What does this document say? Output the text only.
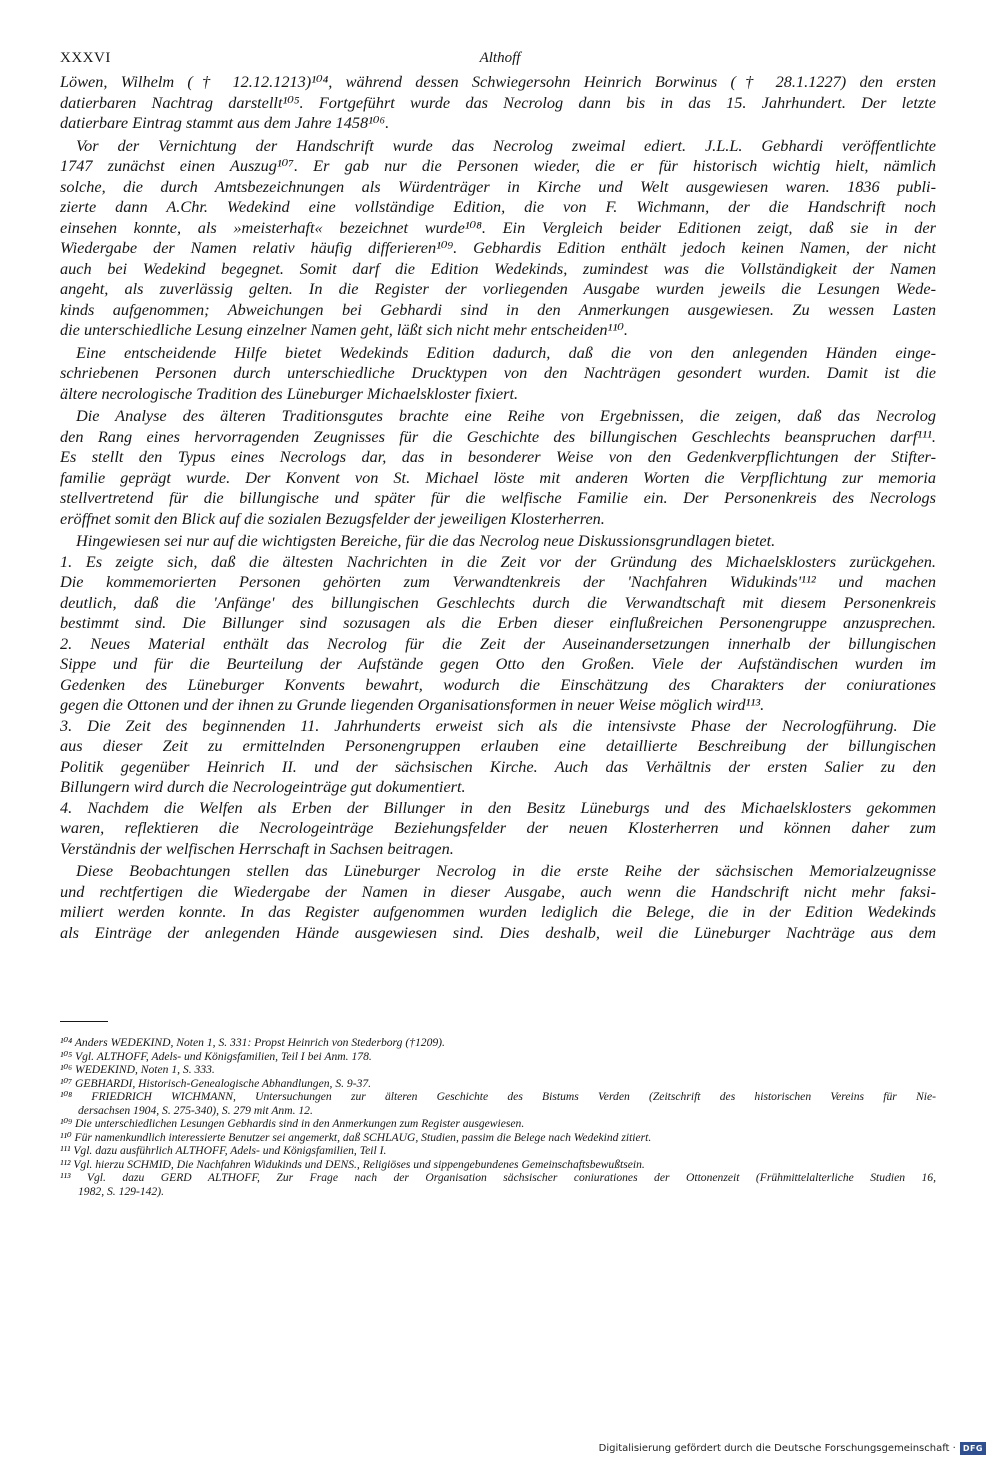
XXXVI	Althoff
Löwen, Wilhelm († 12.12.1213)¹⁰⁴, während dessen Schwiegersohn Heinrich Borwinus († 28.1.1227) den ersten
datierbaren Nachtrag darstellt¹⁰⁵. Fortgeführt wurde das Necrolog dann bis in das 15. Jahrhundert. Der letzte
datierbare Eintrag stammt aus dem Jahre 1458¹⁰⁶.
Vor der Vernichtung der Handschrift wurde das Necrolog zweimal ediert. J.L.L. Gebhardi veröffentlichte
1747 zunächst einen Auszug¹⁰⁷. Er gab nur die Personen wieder, die er für historisch wichtig hielt, nämlich
solche, die durch Amtsbezeichnungen als Würdenträger in Kirche und Welt ausgewiesen waren. 1836 publi-
zierte dann A.Chr. Wedekind eine vollständige Edition, die von F. Wichmann, der die Handschrift noch
einsehen konnte, als »meisterhaft« bezeichnet wurde¹⁰⁸. Ein Vergleich beider Editionen zeigt, daß sie in der
Wiedergabe der Namen relativ häufig differieren¹⁰⁹. Gebhardis Edition enthält jedoch keinen Namen, der nicht
auch bei Wedekind begegnet. Somit darf die Edition Wedekinds, zumindest was die Vollständigkeit der Namen
angeht, als zuverlässig gelten. In die Register der vorliegenden Ausgabe wurden jeweils die Lesungen Wede-
kinds aufgenommen; Abweichungen bei Gebhardi sind in den Anmerkungen ausgewiesen. Zu wessen Lasten
die unterschiedliche Lesung einzelner Namen geht, läßt sich nicht mehr entscheiden¹¹⁰.
Eine entscheidende Hilfe bietet Wedekinds Edition dadurch, daß die von den anlegenden Händen einge-
schriebenen Personen durch unterschiedliche Drucktypen von den Nachträgen gesondert wurden. Damit ist die
ältere necrologische Tradition des Lüneburger Michaelskloster fixiert.
Die Analyse des älteren Traditionsgutes brachte eine Reihe von Ergebnissen, die zeigen, daß das Necrolog
den Rang eines hervorragenden Zeugnisses für die Geschichte des billungischen Geschlechts beanspruchen darf¹¹¹.
Es stellt den Typus eines Necrologs dar, das in besonderer Weise von den Gedenkverpflichtungen der Stifter-
familie geprägt wurde. Der Konvent von St. Michael löste mit anderen Worten die Verpflichtung zur memoria
stellvertretend für die billungische und später für die welfische Familie ein. Der Personenkreis des Necrologs
eröffnet somit den Blick auf die sozialen Bezugsfelder der jeweiligen Klosterherren.
Hingewiesen sei nur auf die wichtigsten Bereiche, für die das Necrolog neue Diskussionsgrundlagen bietet.
1. Es zeigte sich, daß die ältesten Nachrichten in die Zeit vor der Gründung des Michaelsklosters zurückgehen.
Die kommemorierten Personen gehörten zum Verwandtenkreis der 'Nachfahren Widukinds'¹¹² und machen
deutlich, daß die 'Anfänge' des billungischen Geschlechts durch die Verwandtschaft mit diesem Personenkreis
bestimmt sind. Die Billunger sind sozusagen als die Erben dieser einflußreichen Personengruppe anzusprechen.
2. Neues Material enthält das Necrolog für die Zeit der Auseinandersetzungen innerhalb der billungischen
Sippe und für die Beurteilung der Aufstände gegen Otto den Großen. Viele der Aufständischen wurden im
Gedenken des Lüneburger Konvents bewahrt, wodurch die Einschätzung des Charakters der coniurationes
gegen die Ottonen und der ihnen zu Grunde liegenden Organisationsformen in neuer Weise möglich wird¹¹³.
3. Die Zeit des beginnenden 11. Jahrhunderts erweist sich als die intensivste Phase der Necrologführung. Die
aus dieser Zeit zu ermittelnden Personengruppen erlauben eine detaillierte Beschreibung der billungischen
Politik gegenüber Heinrich II. und der sächsischen Kirche. Auch das Verhältnis der ersten Salier zu den
Billungern wird durch die Necrologeinträge gut dokumentiert.
4. Nachdem die Welfen als Erben der Billunger in den Besitz Lüneburgs und des Michaelsklosters gekommen
waren, reflektieren die Necrologeinträge Beziehungsfelder der neuen Klosterherren und können daher zum
Verständnis der welfischen Herrschaft in Sachsen beitragen.
Diese Beobachtungen stellen das Lüneburger Necrolog in die erste Reihe der sächsischen Memorialzeugnisse
und rechtfertigen die Wiedergabe der Namen in dieser Ausgabe, auch wenn die Handschrift nicht mehr faksi-
miliert werden konnte. In das Register aufgenommen wurden lediglich die Belege, die in der Edition Wedekinds
als Einträge der anlegenden Hände ausgewiesen sind. Dies deshalb, weil die Lüneburger Nachträge aus dem
¹⁰⁴ Anders WEDEKIND, Noten 1, S. 331: Propst Heinrich von Stederborg (†1209).
¹⁰⁵ Vgl. ALTHOFF, Adels- und Königsfamilien, Teil I bei Anm. 178.
¹⁰⁶ WEDEKIND, Noten 1, S. 333.
¹⁰⁷ GEBHARDI, Historisch-Genealogische Abhandlungen, S. 9-37.
¹⁰⁸ FRIEDRICH WICHMANN, Untersuchungen zur älteren Geschichte des Bistums Verden (Zeitschrift des historischen Vereins für Nie-
dersachsen 1904, S. 275-340), S. 279 mit Anm. 12.
¹⁰⁹ Die unterschiedlichen Lesungen Gebhardis sind in den Anmerkungen zum Register ausgewiesen.
¹¹⁰ Für namenkundlich interessierte Benutzer sei angemerkt, daß SCHLAUG, Studien, passim die Belege nach Wedekind zitiert.
¹¹¹ Vgl. dazu ausführlich ALTHOFF, Adels- und Königsfamilien, Teil I.
¹¹² Vgl. hierzu SCHMID, Die Nachfahren Widukinds und DENS., Religiöses und sippengebundenes Gemeinschaftsbewußtsein.
¹¹³ Vgl. dazu GERD ALTHOFF, Zur Frage nach der Organisation sächsischer coniurationes der Ottonenzeit (Frühmittelalterliche Studien 16,
1982, S. 129-142).
Digitalisierung gefördert durch die Deutsche Forschungsgemeinschaft · DFG
